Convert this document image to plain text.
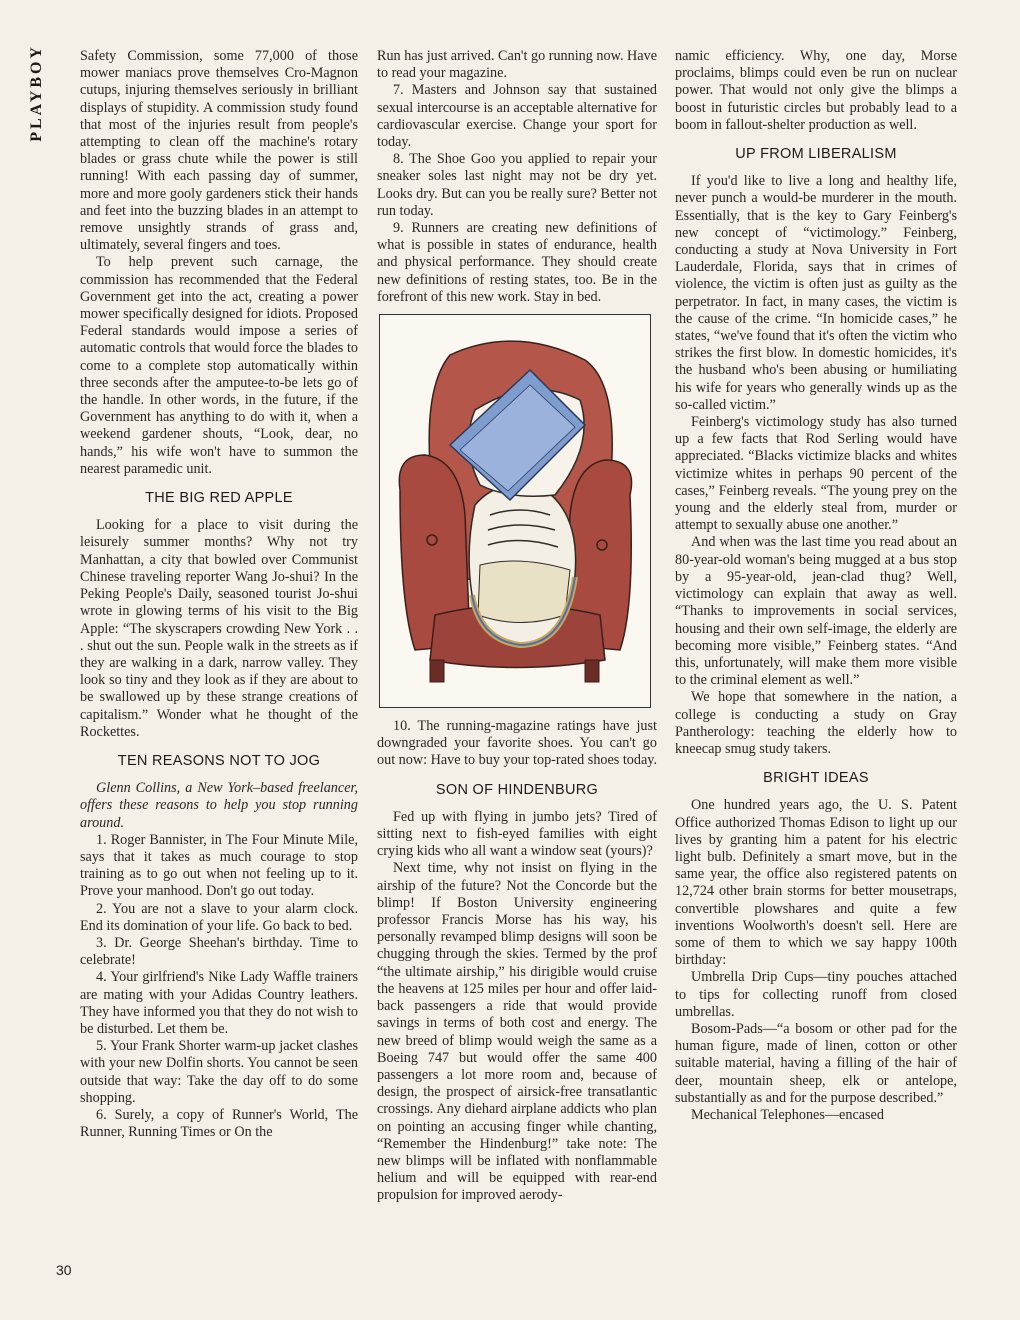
PLAYBOY
30

Safety Commission, some 77,000 of those mower maniacs prove themselves Cro-Magnon cutups, injuring themselves seriously in brilliant displays of stupidity. A commission study found that most of the injuries result from people's attempting to clean off the machine's rotary blades or grass chute while the power is still running! With each passing day of summer, more and more gooly gardeners stick their hands and feet into the buzzing blades in an attempt to remove unsightly strands of grass and, ultimately, several fingers and toes.

To help prevent such carnage, the commission has recommended that the Federal Government get into the act, creating a power mower specifically designed for idiots. Proposed Federal standards would impose a series of automatic controls that would force the blades to come to a complete stop automatically within three seconds after the amputee-to-be lets go of the handle. In other words, in the future, if the Government has anything to do with it, when a weekend gardener shouts, “Look, dear, no hands,” his wife won't have to summon the nearest paramedic unit.

THE BIG RED APPLE

Looking for a place to visit during the leisurely summer months? Why not try Manhattan, a city that bowled over Communist Chinese traveling reporter Wang Jo-shui? In the Peking People's Daily, seasoned tourist Jo-shui wrote in glowing terms of his visit to the Big Apple: “The skyscrapers crowding New York . . . shut out the sun. People walk in the streets as if they are walking in a dark, narrow valley. They look so tiny and they look as if they are about to be swallowed up by these strange creations of capitalism.” Wonder what he thought of the Rockettes.

TEN REASONS NOT TO JOG

Glenn Collins, a New York–based freelancer, offers these reasons to help you stop running around.

1. Roger Bannister, in The Four Minute Mile, says that it takes as much courage to stop training as to go out when not feeling up to it. Prove your manhood. Don't go out today.

2. You are not a slave to your alarm clock. End its domination of your life. Go back to bed.

3. Dr. George Sheehan's birthday. Time to celebrate!

4. Your girlfriend's Nike Lady Waffle trainers are mating with your Adidas Country leathers. They have informed you that they do not wish to be disturbed. Let them be.

5. Your Frank Shorter warm-up jacket clashes with your new Dolfin shorts. You cannot be seen outside that way: Take the day off to do some shopping.

6. Surely, a copy of Runner's World, The Runner, Running Times or On the

Run has just arrived. Can't go running now. Have to read your magazine.

7. Masters and Johnson say that sustained sexual intercourse is an acceptable alternative for cardiovascular exercise. Change your sport for today.

8. The Shoe Goo you applied to repair your sneaker soles last night may not be dry yet. Looks dry. But can you be really sure? Better not run today.

9. Runners are creating new definitions of what is possible in states of endurance, health and physical performance. They should create new definitions of resting states, too. Be in the forefront of this new work. Stay in bed.

10. The running-magazine ratings have just downgraded your favorite shoes. You can't go out now: Have to buy your top-rated shoes today.

SON OF HINDENBURG

Fed up with flying in jumbo jets? Tired of sitting next to fish-eyed families with eight crying kids who all want a window seat (yours)?

Next time, why not insist on flying in the airship of the future? Not the Concorde but the blimp! If Boston University engineering professor Francis Morse has his way, his personally revamped blimp designs will soon be chugging through the skies. Termed by the prof “the ultimate airship,” his dirigible would cruise the heavens at 125 miles per hour and offer laid-back passengers a ride that would provide savings in terms of both cost and energy. The new breed of blimp would weigh the same as a Boeing 747 but would offer the same 400 passengers a lot more room and, because of design, the prospect of airsick-free transatlantic crossings. Any diehard airplane addicts who plan on pointing an accusing finger while chanting, “Remember the Hindenburg!” take note: The new blimps will be inflated with nonflammable helium and will be equipped with rear-end propulsion for improved aerody-

namic efficiency. Why, one day, Morse proclaims, blimps could even be run on nuclear power. That would not only give the blimps a boost in futuristic circles but probably lead to a boom in fallout-shelter production as well.

UP FROM LIBERALISM

If you'd like to live a long and healthy life, never punch a would-be murderer in the mouth. Essentially, that is the key to Gary Feinberg's new concept of “victimology.” Feinberg, conducting a study at Nova University in Fort Lauderdale, Florida, says that in crimes of violence, the victim is often just as guilty as the perpetrator. In fact, in many cases, the victim is the cause of the crime. “In homicide cases,” he states, “we've found that it's often the victim who strikes the first blow. In domestic homicides, it's the husband who's been abusing or humiliating his wife for years who generally winds up as the so-called victim.”

Feinberg's victimology study has also turned up a few facts that Rod Serling would have appreciated. “Blacks victimize blacks and whites victimize whites in perhaps 90 percent of the cases,” Feinberg reveals. “The young prey on the young and the elderly steal from, murder or attempt to sexually abuse one another.”

And when was the last time you read about an 80-year-old woman's being mugged at a bus stop by a 95-year-old, jean-clad thug? Well, victimology can explain that away as well. “Thanks to improvements in social services, housing and their own self-image, the elderly are becoming more visible,” Feinberg states. “And this, unfortunately, will make them more visible to the criminal element as well.”

We hope that somewhere in the nation, a college is conducting a study on Gray Pantherology: teaching the elderly how to kneecap smug study takers.

BRIGHT IDEAS

One hundred years ago, the U. S. Patent Office authorized Thomas Edison to light up our lives by granting him a patent for his electric light bulb. Definitely a smart move, but in the same year, the office also registered patents on 12,724 other brain storms for better mousetraps, convertible plowshares and quite a few inventions Woolworth's doesn't sell. Here are some of them to which we say happy 100th birthday:

Umbrella Drip Cups—tiny pouches attached to tips for collecting runoff from closed umbrellas.

Bosom-Pads—“a bosom or other pad for the human figure, made of linen, cotton or other suitable material, having a filling of the hair of deer, mountain sheep, elk or antelope, substantially as and for the purpose described.”

Mechanical Telephones—encased
